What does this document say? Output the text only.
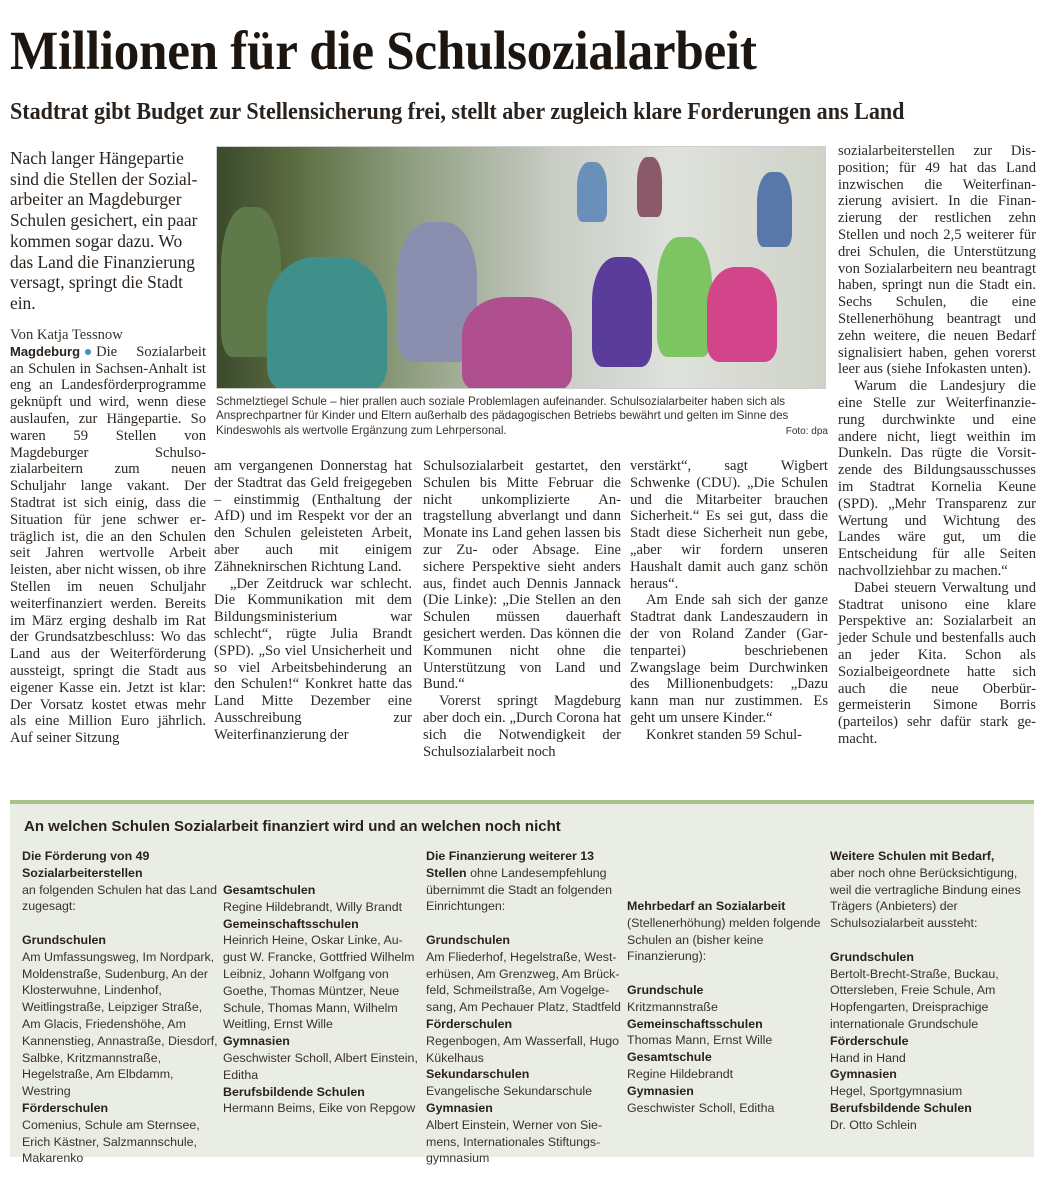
Millionen für die Schulsozialarbeit
Stadtrat gibt Budget zur Stellensicherung frei, stellt aber zugleich klare Forderungen ans Land
Nach langer Hängepartie sind die Stellen der Sozialarbeiter an Magdeburger Schulen gesichert, ein paar kommen sogar dazu. Wo das Land die Finanzierung versagt, springt die Stadt ein.
Von Katja Tessnow

Magdeburg Die Sozialarbeit an Schulen in Sachsen-Anhalt ist eng an Landesförderprogramme geknüpft und wird, wenn diese auslaufen, zur Hängepartie. So waren 59 Stellen von Magdeburger Schulsozialarbeitern zum neuen Schuljahr lange vakant. Der Stadtrat ist sich einig, dass die Situation für jene schwer erträglich ist, die an den Schulen seit Jahren wertvolle Arbeit leisten, aber nicht wissen, ob ihre Stellen im neuen Schuljahr weiterfinanziert werden. Bereits im März erging deshalb im Rat der Grundsatzbeschluss: Wo das Land aus der Weiterförderung aussteigt, springt die Stadt aus eigener Kasse ein. Jetzt ist klar: Der Vorsatz kostet etwas mehr als eine Million Euro jährlich. Auf seiner Sitzung

Schmelztiegel Schule – hier prallen auch soziale Problemlagen aufeinander. Schulsozialarbeiter haben sich als Ansprechpartner für Kinder und Eltern außerhalb des pädagogischen Betriebs bewährt und gelten im Sinne des Kindeswohls als wertvolle Ergänzung zum Lehrpersonal.	Foto: dpa

am vergangenen Donnerstag hat der Stadtrat das Geld freigegeben – einstimmig (Enthaltung der AfD) und im Respekt vor der an den Schulen geleisteten Arbeit, aber auch mit einigem Zähneknirschen Richtung Land.

„Der Zeitdruck war schlecht. Die Kommunikation mit dem Bildungsministerium war schlecht“, rügte Julia Brandt (SPD). „So viel Unsicherheit und so viel Arbeitsbehinderung an den Schulen!“ Konkret hatte das Land Mitte Dezember eine Ausschreibung zur Weiterfinanzierung der

Schulsozialarbeit gestartet, den Schulen bis Mitte Februar die nicht unkomplizierte Antragstellung abverlangt und dann Monate ins Land gehen lassen bis zur Zu- oder Absage. Eine sichere Perspektive sieht anders aus, findet auch Dennis Jannack (Die Linke): „Die Stellen an den Schulen müssen dauerhaft gesichert werden. Das können die Kommunen nicht ohne die Unterstützung von Land und Bund.“

Vorerst springt Magdeburg aber doch ein. „Durch Corona hat sich die Notwendigkeit der Schulsozialarbeit noch

verstärkt“, sagt Wigbert Schwenke (CDU). „Die Schulen und die Mitarbeiter brauchen Sicherheit.“ Es sei gut, dass die Stadt diese Sicherheit nun gebe, „aber wir fordern unseren Haushalt damit auch ganz schön heraus“.

Am Ende sah sich der ganze Stadtrat dank Landeszaudern in der von Roland Zander (Gartenpartei) beschriebenen Zwangslage beim Durchwinken des Millionenbudgets: „Dazu kann man nur zustimmen. Es geht um unsere Kinder.“

Konkret standen 59 Schul-

sozialarbeiterstellen zur Disposition; für 49 hat das Land inzwischen die Weiterfinanzierung avisiert. In die Finanzierung der restlichen zehn Stellen und noch 2,5 weiterer für drei Schulen, die Unterstützung von Sozialarbeitern neu beantragt haben, springt nun die Stadt ein. Sechs Schulen, die eine Stellenerhöhung beantragt und zehn weitere, die neuen Bedarf signalisiert haben, gehen vorerst leer aus (siehe Infokasten unten).

Warum die Landesjury die eine Stelle zur Weiterfinanzierung durchwinkte und eine andere nicht, liegt weithin im Dunkeln. Das rügte die Vorsitzende des Bildungsausschusses im Stadtrat Kornelia Keune (SPD). „Mehr Transparenz zur Wertung und Wichtung des Landes wäre gut, um die Entscheidung für alle Seiten nachvollziehbar zu machen.“

Dabei steuern Verwaltung und Stadtrat unisono eine klare Perspektive an: Sozialarbeit an jeder Schule und bestenfalls auch an jeder Kita. Schon als Sozialbeigeordnete hatte sich auch die neue Oberbürgermeisterin Simone Borris (parteilos) sehr dafür stark gemacht.

An welchen Schulen Sozialarbeit finanziert wird und an welchen noch nicht
Die Förderung von 49 Sozialarbeiterstellen
an folgenden Schulen hat das Land zugesagt:
Grundschulen
Am Umfassungsweg, Im Nordpark, Moldenstraße, Sudenburg, An der Klosterwuhne, Lindenhof, Weitlingstraße, Leipziger Straße, Am Glacis, Friedenshöhe, Am Kannenstieg, Annastraße, Diesdorf, Salbke, Kritzmannstraße, Hegelstraße, Am Elbdamm, Westring
Förderschulen
Comenius, Schule am Sternsee, Erich Kästner, Salzmannschule, Makarenko
Gesamtschulen
Regine Hildebrandt, Willy Brandt
Gemeinschaftsschulen
Heinrich Heine, Oskar Linke, August W. Francke, Gottfried Wilhelm Leibniz, Johann Wolfgang von Goethe, Thomas Müntzer, Neue Schule, Thomas Mann, Wilhelm Weitling, Ernst Wille
Gymnasien
Geschwister Scholl, Albert Einstein, Editha
Berufsbildende Schulen
Hermann Beims, Eike von Repgow
Die Finanzierung weiterer 13 Stellen ohne Landesempfehlung übernimmt die Stadt an folgenden Einrichtungen:
Grundschulen
Am Fliederhof, Hegelstraße, Westerhüsen, Am Grenzweg, Am Brückfeld, Schmeilstraße, Am Vogelgesang, Am Pechauer Platz, Stadtfeld
Förderschulen
Regenbogen, Am Wasserfall, Hugo Kükelhaus
Sekundarschulen
Evangelische Sekundarschule
Gymnasien
Albert Einstein, Werner von Siemens, Internationales Stiftungsgymnasium
Mehrbedarf an Sozialarbeit
(Stellenerhöhung) melden folgende Schulen an (bisher keine Finanzierung):
Grundschule
Kritzmannstraße
Gemeinschaftsschulen
Thomas Mann, Ernst Wille
Gesamtschule
Regine Hildebrandt
Gymnasien
Geschwister Scholl, Editha
Weitere Schulen mit Bedarf,
aber noch ohne Berücksichtigung, weil die vertragliche Bindung eines Trägers (Anbieters) der Schulsozialarbeit aussteht:
Grundschulen
Bertolt-Brecht-Straße, Buckau, Ottersleben, Freie Schule, Am Hopfengarten, Dreisprachige internationale Grundschule
Förderschule
Hand in Hand
Gymnasien
Hegel, Sportgymnasium
Berufsbildende Schulen
Dr. Otto Schlein
